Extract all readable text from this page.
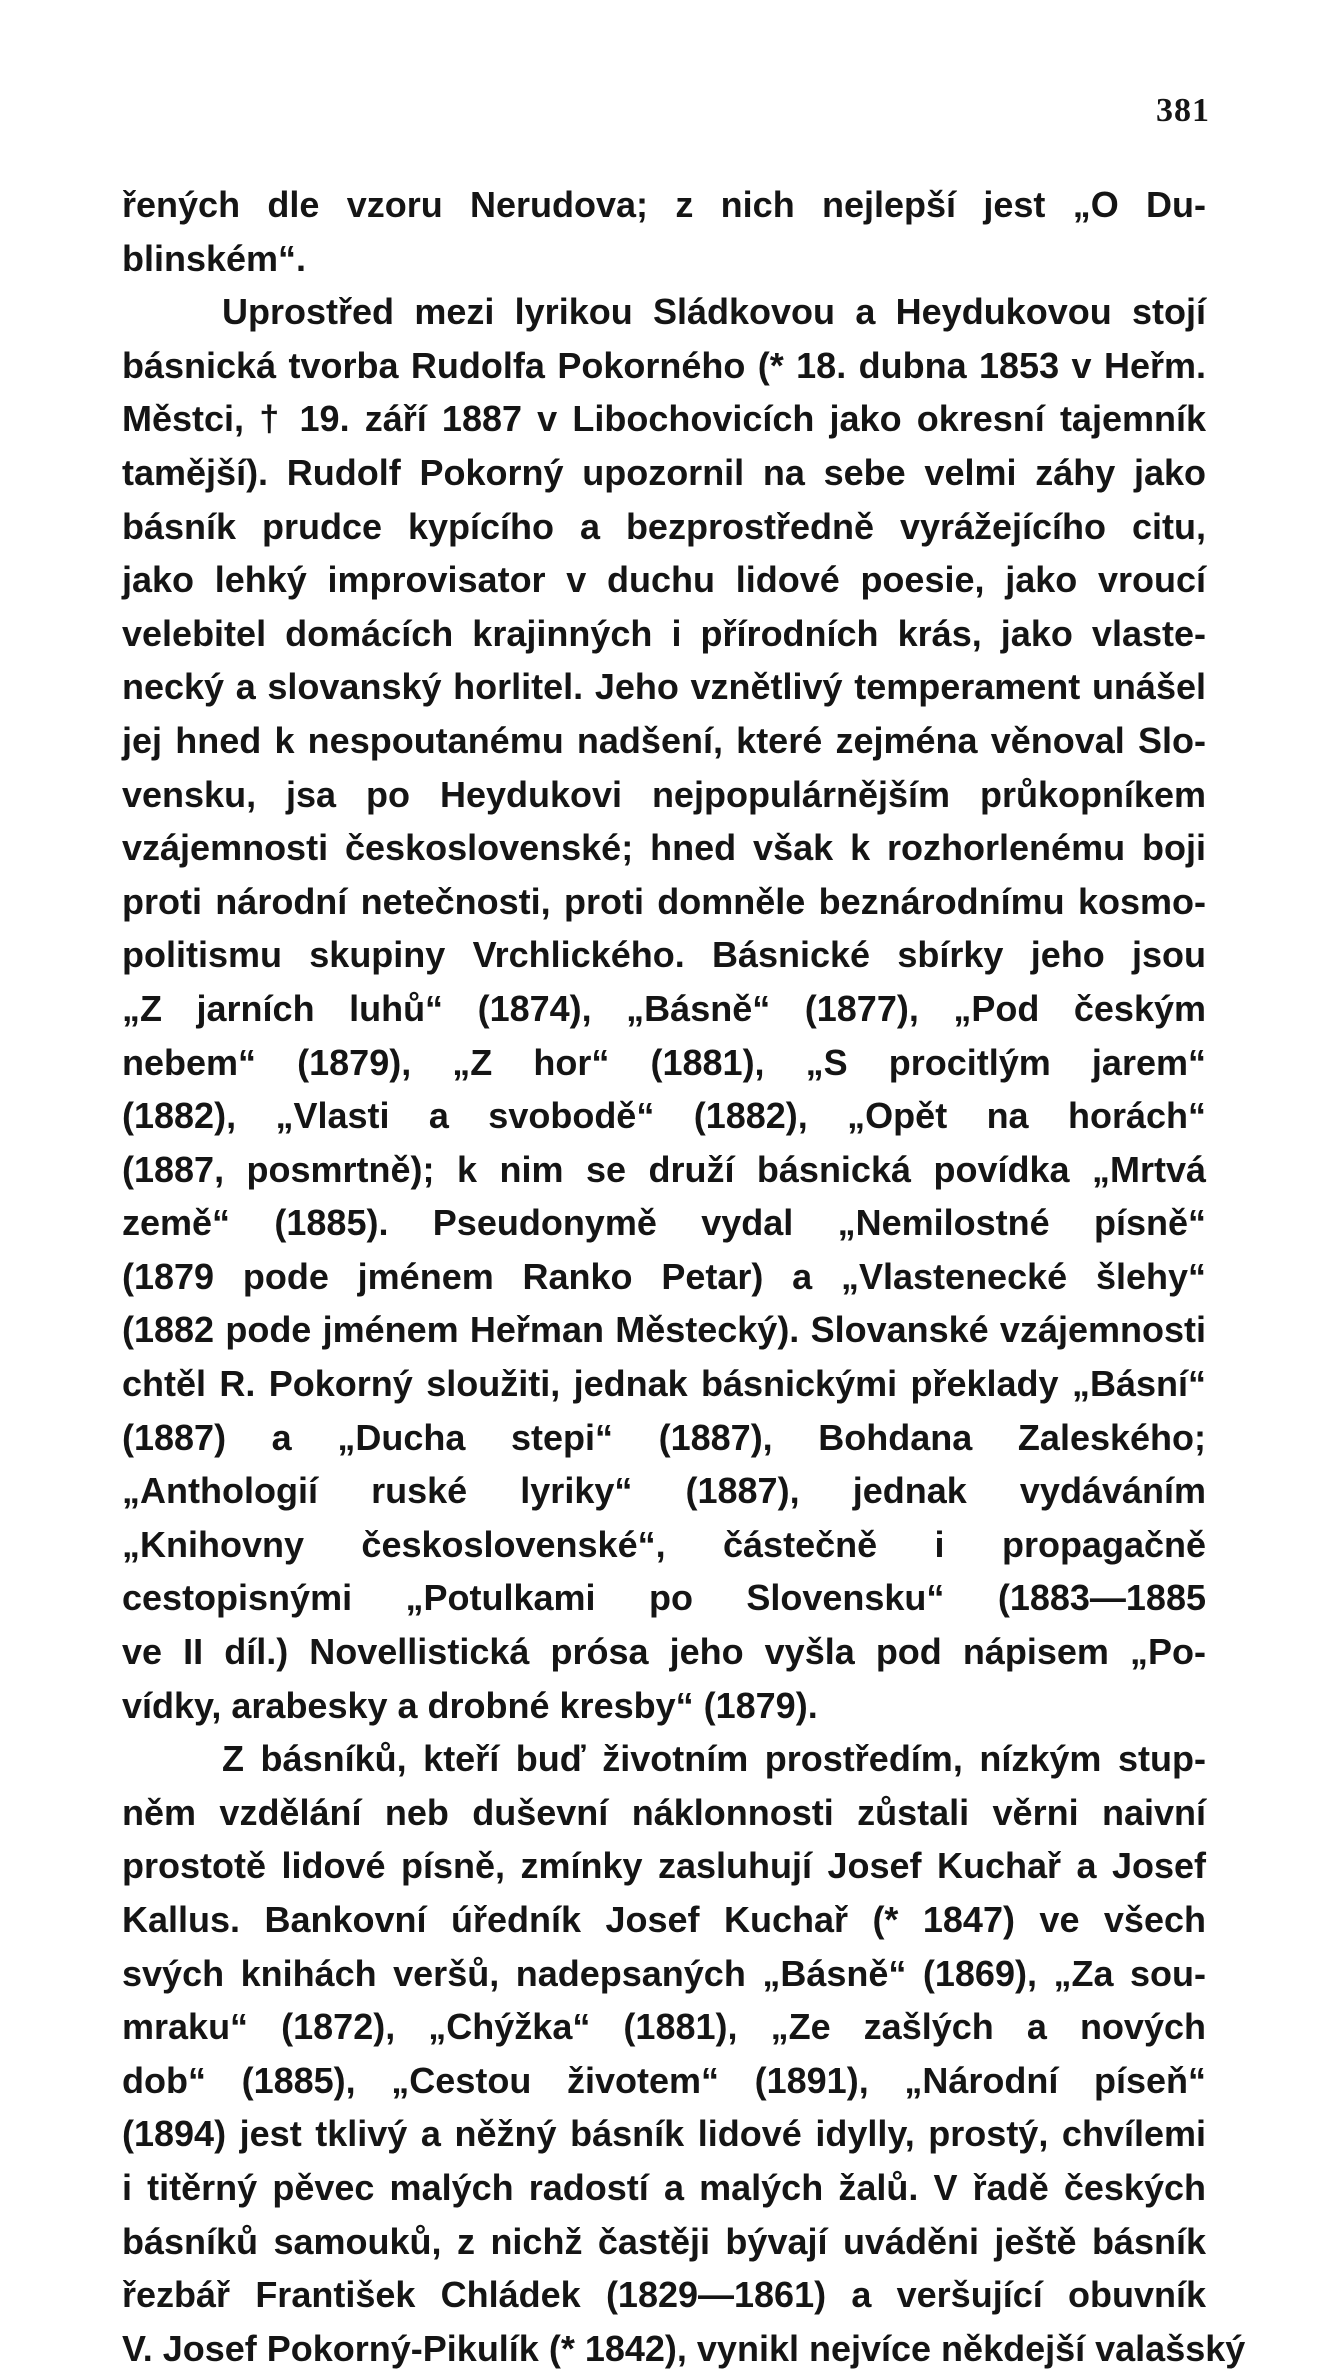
381
řených dle vzoru Nerudova; z nich nejlepší jest „O Du-
blinském“.
Uprostřed mezi lyrikou Sládkovou a Heydukovou stojí
básnická tvorba Rudolfa Pokorného (* 18. dubna 1853 v Heřm.
Městci, † 19. září 1887 v Libochovicích jako okresní tajemník
tamější). Rudolf Pokorný upozornil na sebe velmi záhy jako
básník prudce kypícího a bezprostředně vyrážejícího citu,
jako lehký improvisator v duchu lidové poesie, jako vroucí
velebitel domácích krajinných i přírodních krás, jako vlaste-
necký a slovanský horlitel. Jeho vznětlivý temperament unášel
jej hned k nespoutanému nadšení, které zejména věnoval Slo-
vensku, jsa po Heydukovi nejpopulárnějším průkopníkem
vzájemnosti československé; hned však k rozhorlenému boji
proti národní netečnosti, proti domněle beznárodnímu kosmo-
politismu skupiny Vrchlického. Básnické sbírky jeho jsou
„Z jarních luhů“ (1874), „Básně“ (1877), „Pod českým
nebem“ (1879), „Z hor“ (1881), „S procitlým jarem“
(1882), „Vlasti a svobodě“ (1882), „Opět na horách“
(1887, posmrtně); k nim se druží básnická povídka „Mrtvá
země“ (1885). Pseudonymě vydal „Nemilostné písně“
(1879 pode jménem Ranko Petar) a „Vlastenecké šlehy“
(1882 pode jménem Heřman Městecký). Slovanské vzájemnosti
chtěl R. Pokorný sloužiti, jednak básnickými překlady „Básní“
(1887) a „Ducha stepi“ (1887), Bohdana Zaleského;
„Anthologií ruské lyriky“ (1887), jednak vydáváním
„Knihovny československé“, částečně i propagačně
cestopisnými „Potulkami po Slovensku“ (1883—1885
ve II díl.) Novellistická prósa jeho vyšla pod nápisem „Po-
vídky, arabesky a drobné kresby“ (1879).
Z básníků, kteří buď životním prostředím, nízkým stup-
něm vzdělání neb duševní náklonnosti zůstali věrni naivní
prostotě lidové písně, zmínky zasluhují Josef Kuchař a Josef
Kallus. Bankovní úředník Josef Kuchař (* 1847) ve všech
svých knihách veršů, nadepsaných „Básně“ (1869), „Za sou-
mraku“ (1872), „Chýžka“ (1881), „Ze zašlých a nových
dob“ (1885), „Cestou životem“ (1891), „Národní píseň“
(1894) jest tklivý a něžný básník lidové idylly, prostý, chvílemi
i titěrný pěvec malých radostí a malých žalů. V řadě českých
básníků samouků, z nichž častěji bývají uváděni ještě básník
řezbář František Chládek (1829—1861) a veršující obuvník
V. Josef Pokorný-Pikulík (* 1842), vynikl nejvíce někdejší valašský
